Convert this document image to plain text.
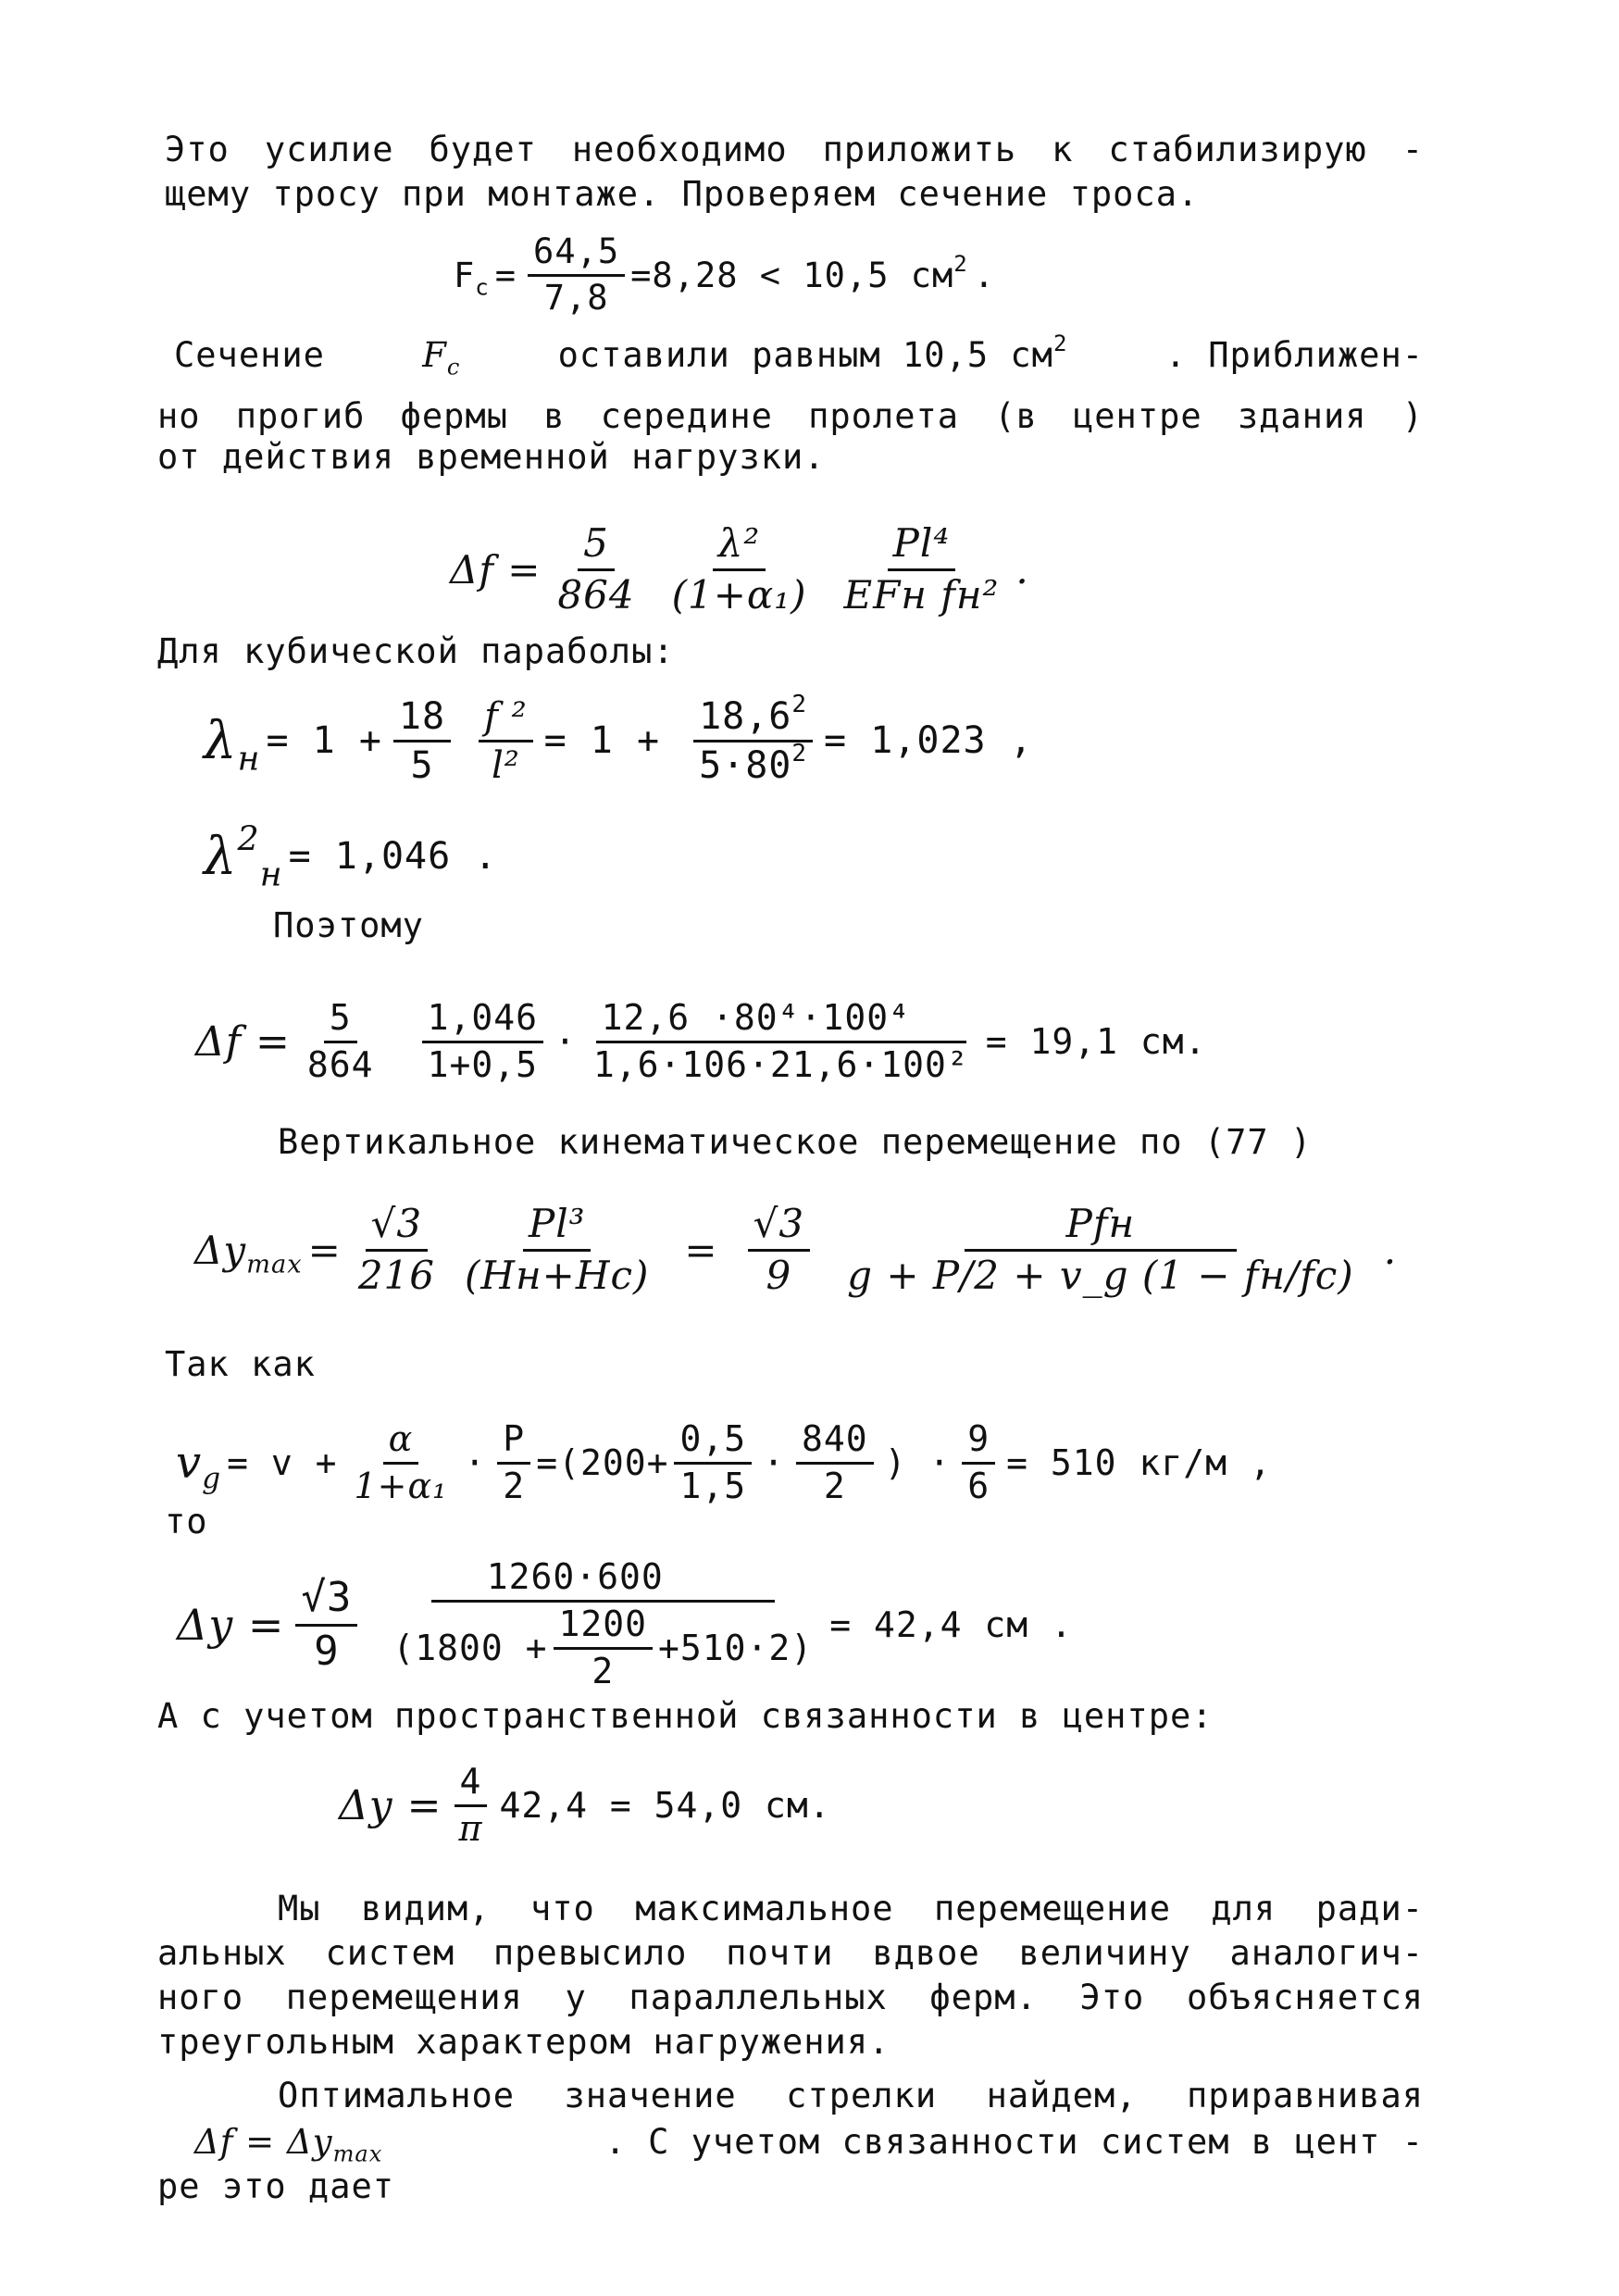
Это усилие будет необходимо приложить к стабилизирую -
щему тросу при монтаже. Проверяем сечение троса.
$F_c = \frac{64,5}{7,8} =8,28 < 10,5$ $см^2$ .
Сечение	$F_c$	оставили равным 10,5 $см^2$	. Приближен-
но прогиб фермы в середине пролета (в центре здания )
от действия временной нагрузки.
$\Delta f = \frac{5}{864} \frac{\text{λ²}}{\text{(1+α₁)}} \frac{\text{Pl⁴}}{\text{EFн fн²}}$ .
Для кубической параболы:
$\lambda_н = 1 + \frac{18}{5} \frac{\text{f ²}}{\text{l²}} = 1 + \frac{18,6^2}{5\cdot 80^2} = 1,023$ ,
$\lambda^2_н = 1,046$ .
Поэтому
$\Delta f = \frac{5}{864} \frac{1,046}{1+0,5} \cdot \frac{\text{12,6 ·80⁴·100⁴}}{\text{1,6·106·21,6·100²}} = 19,1$ см.
Вертикальное кинематическое перемещение по (77 )
$\Delta y_{max} = \frac{√3}{216} \frac{\text{Pl³}}{(Hн+Hc)} = \frac{√3}{9} \frac{\text{Pfн}}{g + P/2 + v\_g (1 - fн/fc)}$ .
Так как
$v_g = v + \frac{\alpha}{\text{1+α₁}} \cdot \frac{P}{2} =(200+ \frac{0,5}{1,5} \cdot \frac{840}{2}$ ) · $\frac{9}{6} = 510$ кг/м ,
то
$\Delta y = \frac{√3}{9} \frac{1260\cdot 600}{(1800 + \frac{1200}{2} +510\cdot 2)} = 42,4$ см .
А с учетом пространственной связанности в центре:
$\Delta y = \frac{4}{\pi} 42,4 = 54,0$ см.
Мы видим, что максимальное перемещение для ради-
альных систем превысило почти вдвое величину аналогич-
ного перемещения у параллельных ферм. Это объясняется
треугольным характером нагружения.
Оптимальное значение стрелки найдем, приравнивая
$\Delta f = \Delta y_{max}$	. С учетом связанности систем в цент -
ре это дает
